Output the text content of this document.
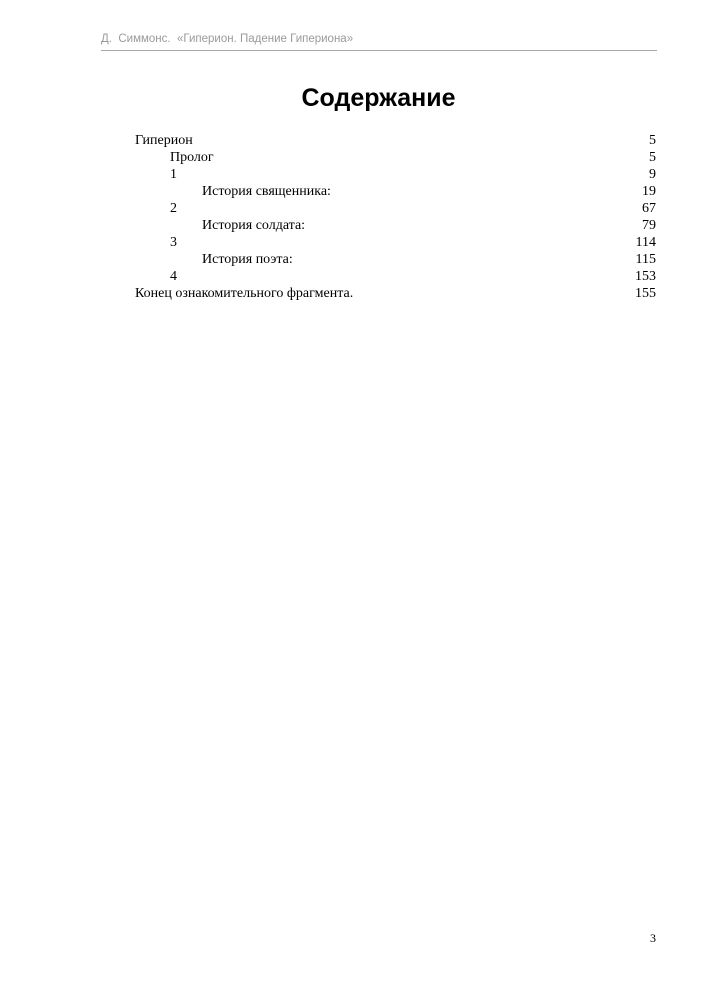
Д.  Симмонс.  «Гиперион. Падение Гипериона»
Содержание
Гиперион	5
Пролог	5
1	9
История священника:	19
2	67
История солдата:	79
3	114
История поэта:	115
4	153
Конец ознакомительного фрагмента.	155
3
